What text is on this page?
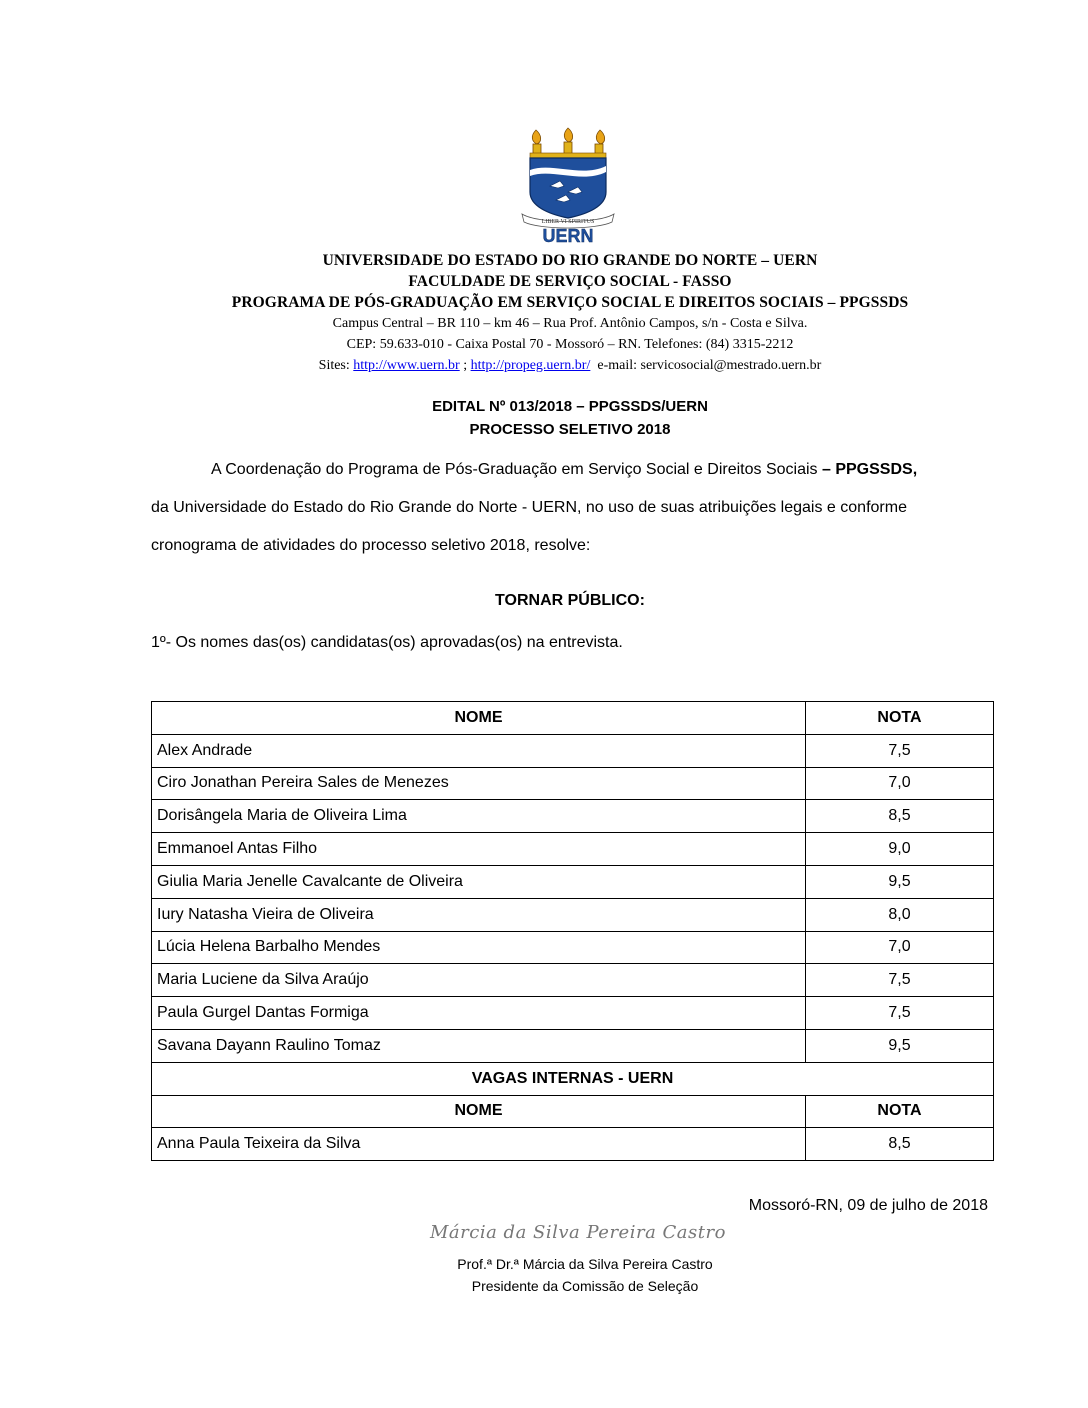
LIBER VI SPIRITUS
UERN
UNIVERSIDADE DO ESTADO DO RIO GRANDE DO NORTE – UERN
FACULDADE DE SERVIÇO SOCIAL - FASSO
PROGRAMA DE PÓS-GRADUAÇÃO EM SERVIÇO SOCIAL E DIREITOS SOCIAIS – PPGSSDS
Campus Central – BR 110 – km 46 – Rua Prof. Antônio Campos, s/n - Costa e Silva.
CEP: 59.633-010 - Caixa Postal 70 - Mossoró – RN. Telefones: (84) 3315-2212
Sites: http://www.uern.br ; http://propeg.uern.br/ e-mail: servicosocial@mestrado.uern.br
EDITAL Nº 013/2018 – PPGSSDS/UERN
PROCESSO SELETIVO 2018
A Coordenação do Programa de Pós-Graduação em Serviço Social e Direitos Sociais – PPGSSDS,
da Universidade do Estado do Rio Grande do Norte - UERN, no uso de suas atribuições legais e conforme
cronograma de atividades do processo seletivo 2018, resolve:
TORNAR PÚBLICO:
1º- Os nomes das(os) candidatas(os) aprovadas(os) na entrevista.
NOME	NOTA
Alex Andrade	7,5
Ciro Jonathan Pereira Sales de Menezes	7,0
Dorisângela Maria de Oliveira Lima	8,5
Emmanoel Antas Filho	9,0
Giulia Maria Jenelle Cavalcante de Oliveira	9,5
Iury Natasha Vieira de Oliveira	8,0
Lúcia Helena Barbalho Mendes	7,0
Maria Luciene da Silva Araújo	7,5
Paula Gurgel Dantas Formiga	7,5
Savana Dayann Raulino Tomaz	9,5
VAGAS INTERNAS - UERN	
NOME	NOTA
Anna Paula Teixeira da Silva	8,5
Mossoró-RN, 09 de julho de 2018
Márcia da Silva Pereira Castro
Prof.ª Dr.ª Márcia da Silva Pereira Castro
Presidente da Comissão de Seleção
